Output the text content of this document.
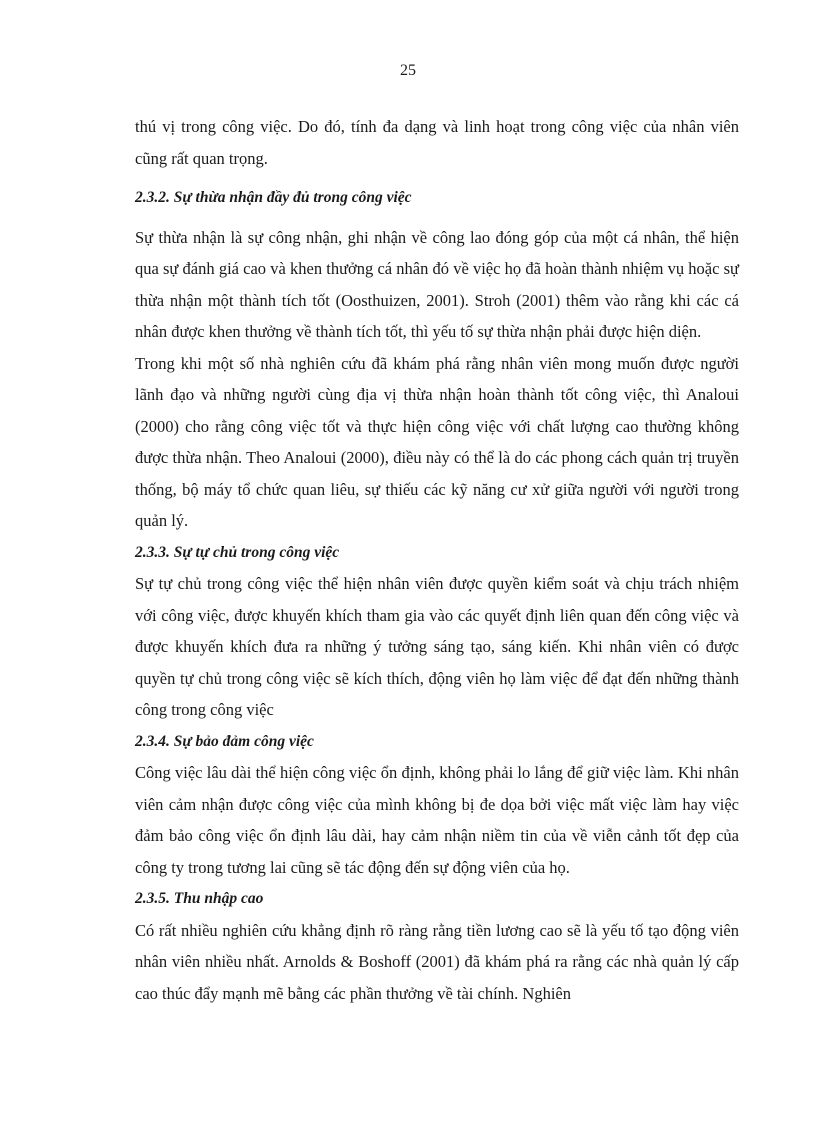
25

thú vị trong công việc. Do đó, tính đa dạng và linh hoạt trong công việc của nhân viên cũng rất quan trọng.

2.3.2. Sự thừa nhận đầy đủ trong công việc

Sự thừa nhận là sự công nhận, ghi nhận về công lao đóng góp của một cá nhân, thể hiện qua sự đánh giá cao và khen thưởng cá nhân đó về việc họ đã hoàn thành nhiệm vụ hoặc sự thừa nhận một thành tích tốt (Oosthuizen, 2001). Stroh (2001) thêm vào rằng khi các cá nhân được khen thưởng về thành tích tốt, thì yếu tố sự thừa nhận phải được hiện diện.

Trong khi một số nhà nghiên cứu đã khám phá rằng nhân viên mong muốn được người lãnh đạo và những người cùng địa vị thừa nhận hoàn thành tốt công việc, thì Analoui (2000) cho rằng công việc tốt và thực hiện công việc với chất lượng cao thường không được thừa nhận. Theo Analoui (2000), điều này có thể là do các phong cách quản trị truyền thống, bộ máy tổ chức quan liêu, sự thiếu các kỹ năng cư xử giữa người với người trong quản lý.

2.3.3. Sự tự chủ trong công việc

Sự tự chủ trong công việc thể hiện nhân viên được quyền kiểm soát và chịu trách nhiệm với công việc, được khuyến khích tham gia vào các quyết định liên quan đến công việc và được khuyến khích đưa ra những ý tưởng sáng tạo, sáng kiến. Khi nhân viên có được quyền tự chủ trong công việc sẽ kích thích, động viên họ làm việc để đạt đến những thành công trong công việc

2.3.4. Sự bảo đảm công việc

Công việc lâu dài thể hiện công việc ổn định, không phải lo lắng để giữ việc làm. Khi nhân viên cảm nhận được công việc của mình không bị đe dọa bởi việc mất việc làm hay việc đảm bảo công việc ổn định lâu dài, hay cảm nhận niềm tin của về viễn cảnh tốt đẹp của công ty trong tương lai cũng sẽ tác động đến sự động viên của họ.

2.3.5. Thu nhập cao

Có rất nhiều nghiên cứu khẳng định rõ ràng rằng tiền lương cao sẽ là yếu tố tạo động viên nhân viên nhiều nhất. Arnolds & Boshoff (2001) đã khám phá ra rằng các nhà quản lý cấp cao thúc đẩy mạnh mẽ bằng các phần thưởng về tài chính. Nghiên
